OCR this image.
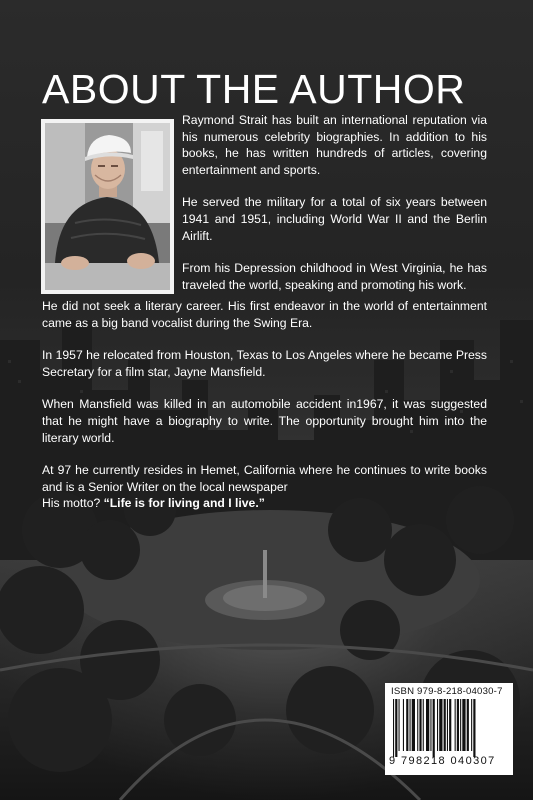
ABOUT THE AUTHOR

Raymond Strait has built an international reputation via his numerous celebrity biographies. In addition to his books, he has written hundreds of articles, covering entertainment and sports.

He served the military for a total of six years between 1941 and 1951, including World War II and the Berlin Airlift.

From his Depression childhood in West Virginia, he has traveled the world, speaking and promoting his work.

He did not seek a literary career. His first endeavor in the world of entertainment came as a big band vocalist during the Swing Era.

In 1957 he relocated from Houston, Texas to Los Angeles where he became Press Secretary for a film star, Jayne Mansfield.

When Mansfield was killed in an automobile accident in1967, it was suggested that he might have a biography to write. The opportunity brought him into the literary world.

At 97 he currently resides in Hemet, California where he continues to write books and is a Senior Writer on the local newspaper

His motto? “Life is for living and I live.”

ISBN 979-8-218-04030-7
9 798218 040307
